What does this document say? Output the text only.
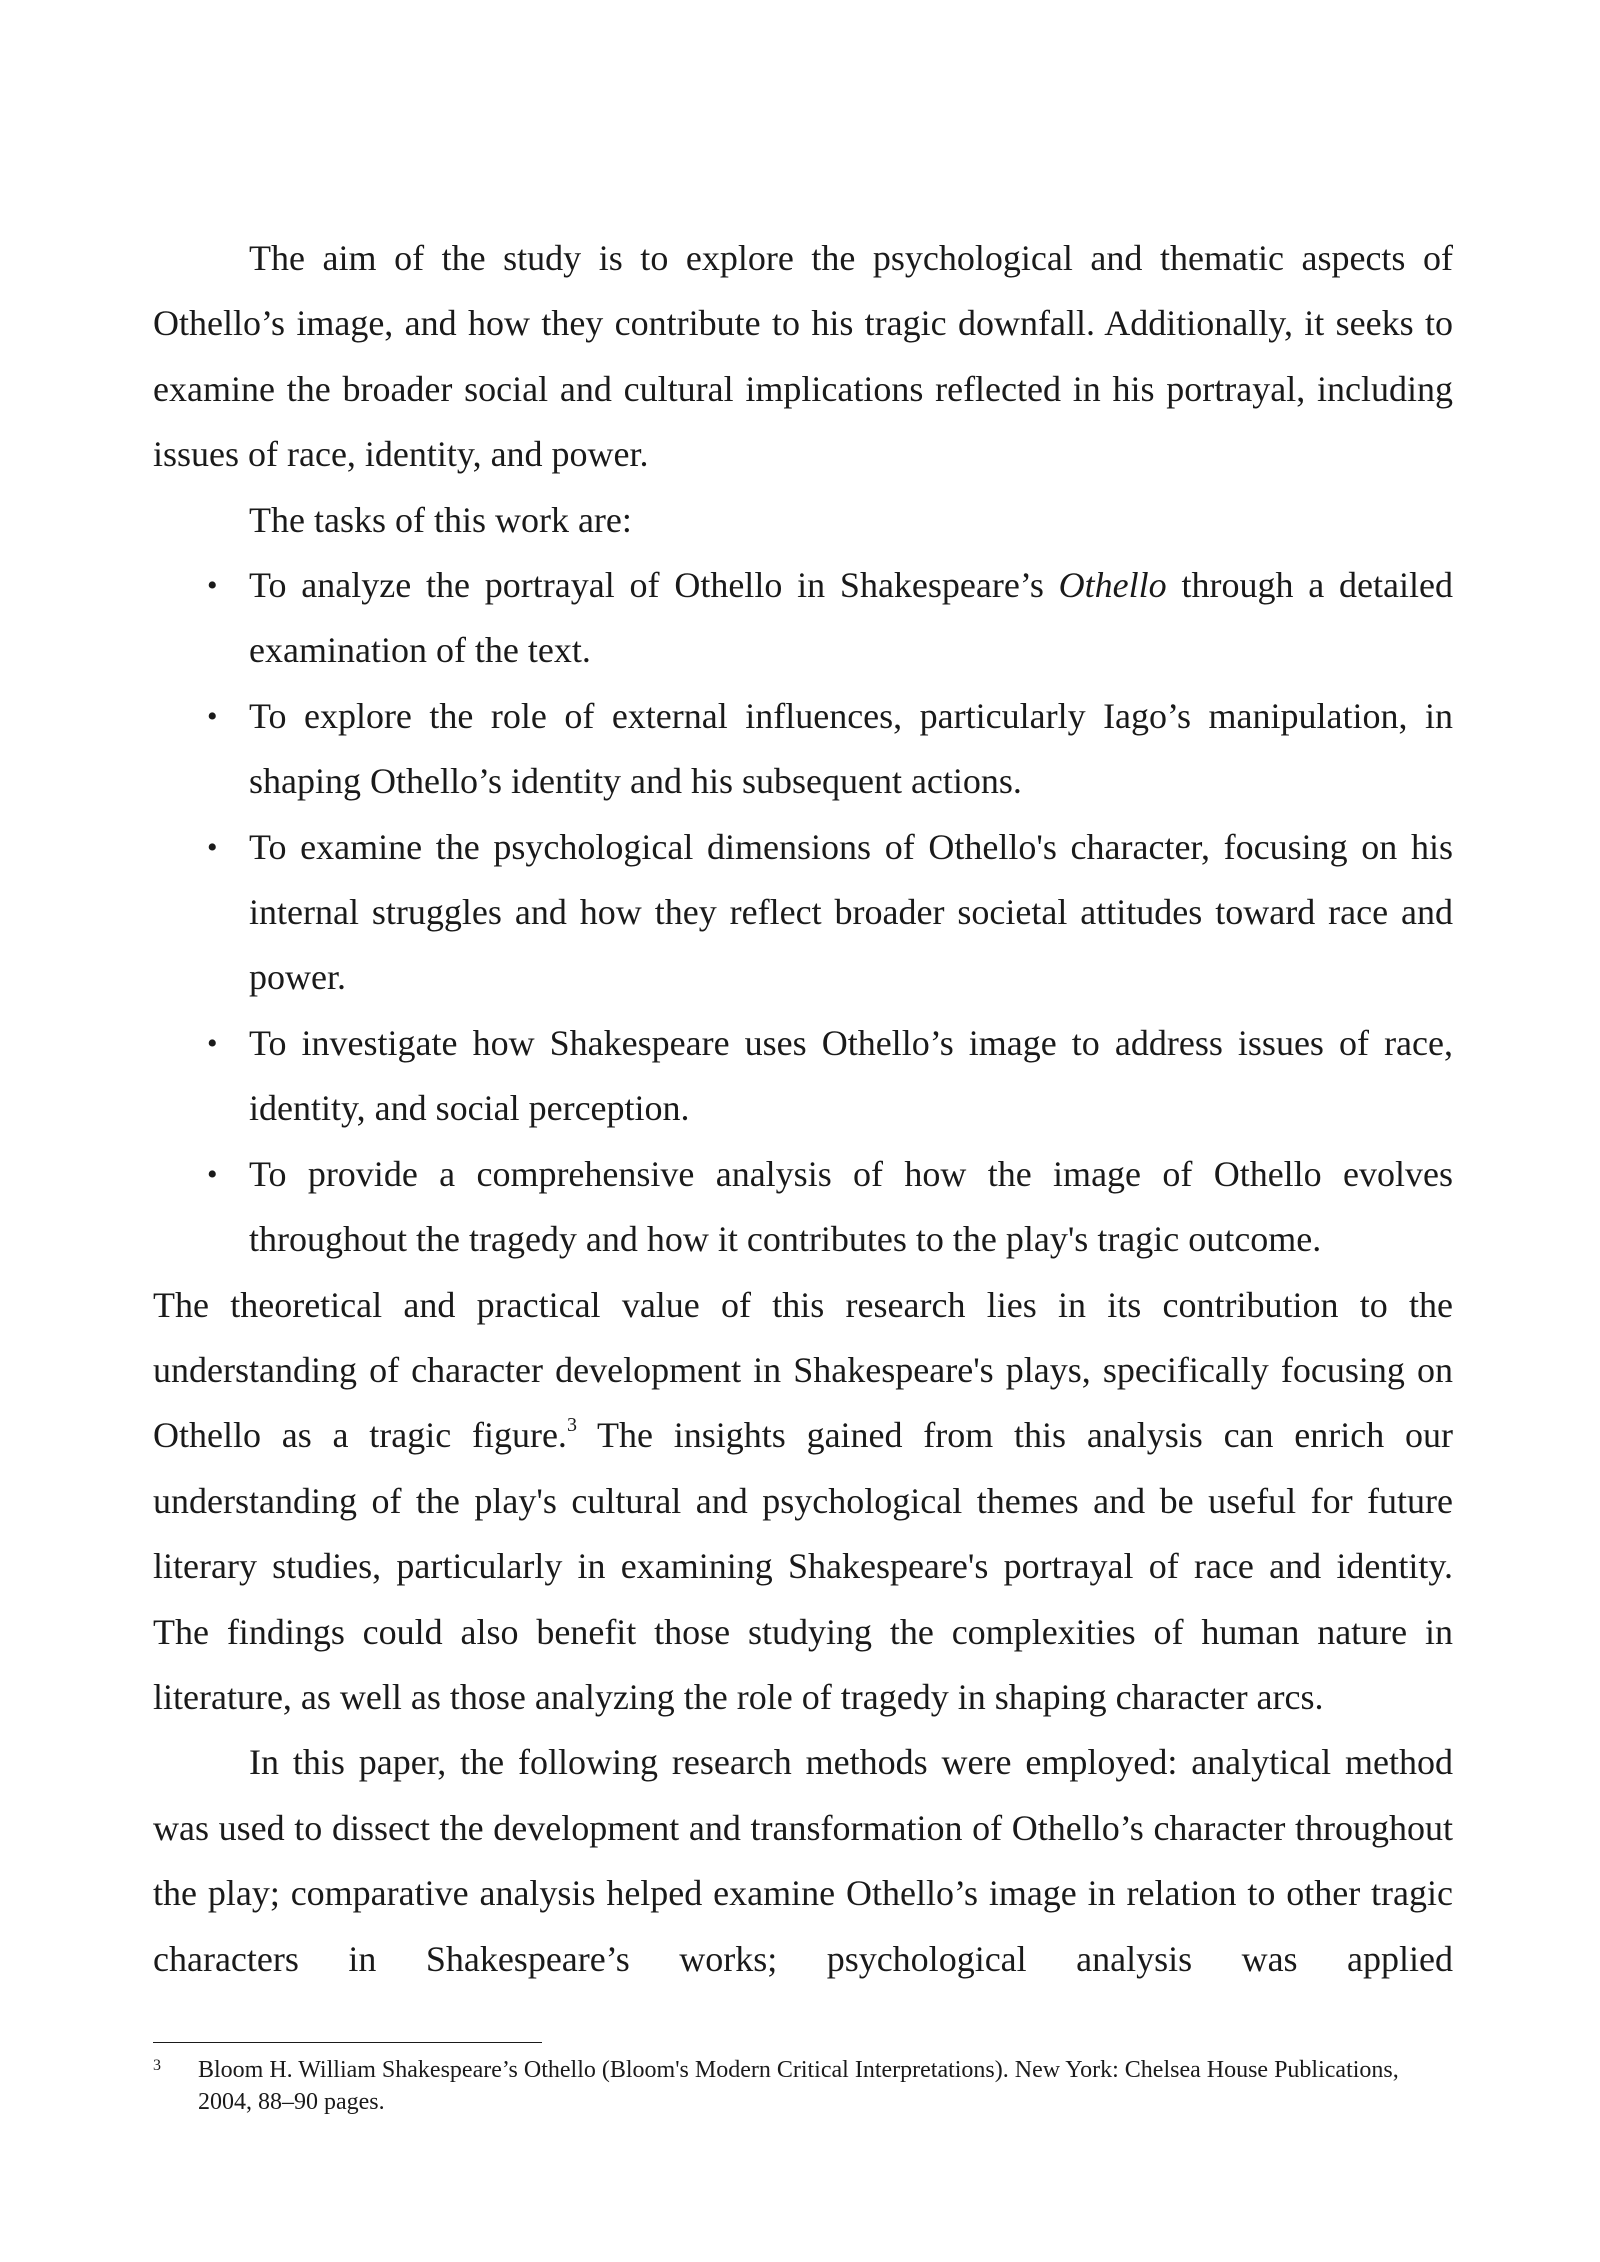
The aim of the study is to explore the psychological and thematic aspects of Othello’s image, and how they contribute to his tragic downfall. Additionally, it seeks to examine the broader social and cultural implications reflected in his portrayal, including issues of race, identity, and power.

The tasks of this work are:

• To analyze the portrayal of Othello in Shakespeare’s Othello through a detailed examination of the text.
• To explore the role of external influences, particularly Iago’s manipulation, in shaping Othello’s identity and his subsequent actions.
• To examine the psychological dimensions of Othello's character, focusing on his internal struggles and how they reflect broader societal attitudes toward race and power.
• To investigate how Shakespeare uses Othello’s image to address issues of race, identity, and social perception.
• To provide a comprehensive analysis of how the image of Othello evolves throughout the tragedy and how it contributes to the play's tragic outcome.

The theoretical and practical value of this research lies in its contribution to the understanding of character development in Shakespeare's plays, specifically focusing on Othello as a tragic figure.$^3$ The insights gained from this analysis can enrich our understanding of the play's cultural and psychological themes and be useful for future literary studies, particularly in examining Shakespeare's portrayal of race and identity. The findings could also benefit those studying the complexities of human nature in literature, as well as those analyzing the role of tragedy in shaping character arcs.

In this paper, the following research methods were employed: analytical method was used to dissect the development and transformation of Othello’s character throughout the play; comparative analysis helped examine Othello’s image in relation to other tragic characters in Shakespeare’s works; psychological analysis was applied

3 Bloom H. William Shakespeare’s Othello (Bloom's Modern Critical Interpretations). New York: Chelsea House Publications, 2004, 88–90 pages.
